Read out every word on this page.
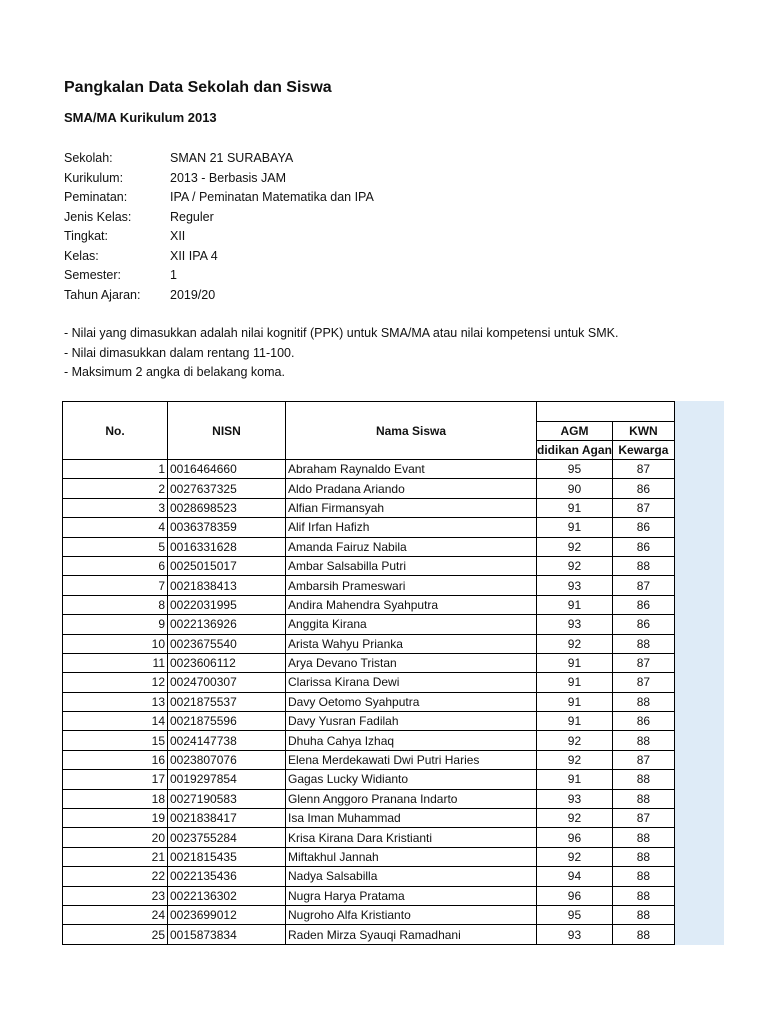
Pangkalan Data Sekolah dan Siswa
SMA/MA Kurikulum 2013
Sekolah:	SMAN 21 SURABAYA
Kurikulum:	2013 - Berbasis JAM
Peminatan:	IPA / Peminatan Matematika dan IPA
Jenis Kelas:	Reguler
Tingkat:	XII
Kelas:	XII IPA 4
Semester:	1
Tahun Ajaran:	2019/20
- Nilai yang dimasukkan adalah nilai kognitif (PPK) untuk SMA/MA atau nilai kompetensi untuk SMK.
- Nilai dimasukkan dalam rentang 11-100.
- Maksimum 2 angka di belakang koma.
No.	NISN	Nama Siswa		
			AGM	KWN
			didikan Agan	Kewarga
1	0016464660	Abraham Raynaldo Evant	95	87
2	0027637325	Aldo Pradana Ariando	90	86
3	0028698523	Alfian Firmansyah	91	87
4	0036378359	Alif Irfan Hafizh	91	86
5	0016331628	Amanda Fairuz Nabila	92	86
6	0025015017	Ambar Salsabilla Putri	92	88
7	0021838413	Ambarsih Prameswari	93	87
8	0022031995	Andira Mahendra Syahputra	91	86
9	0022136926	Anggita Kirana	93	86
10	0023675540	Arista Wahyu Prianka	92	88
11	0023606112	Arya Devano Tristan	91	87
12	0024700307	Clarissa Kirana Dewi	91	87
13	0021875537	Davy Oetomo Syahputra	91	88
14	0021875596	Davy Yusran Fadilah	91	86
15	0024147738	Dhuha Cahya Izhaq	92	88
16	0023807076	Elena Merdekawati Dwi Putri Haries	92	87
17	0019297854	Gagas Lucky Widianto	91	88
18	0027190583	Glenn Anggoro Pranana Indarto	93	88
19	0021838417	Isa Iman Muhammad	92	87
20	0023755284	Krisa Kirana Dara Kristianti	96	88
21	0021815435	Miftakhul Jannah	92	88
22	0022135436	Nadya Salsabilla	94	88
23	0022136302	Nugra Harya Pratama	96	88
24	0023699012	Nugroho Alfa Kristianto	95	88
25	0015873834	Raden Mirza Syauqi Ramadhani	93	88
